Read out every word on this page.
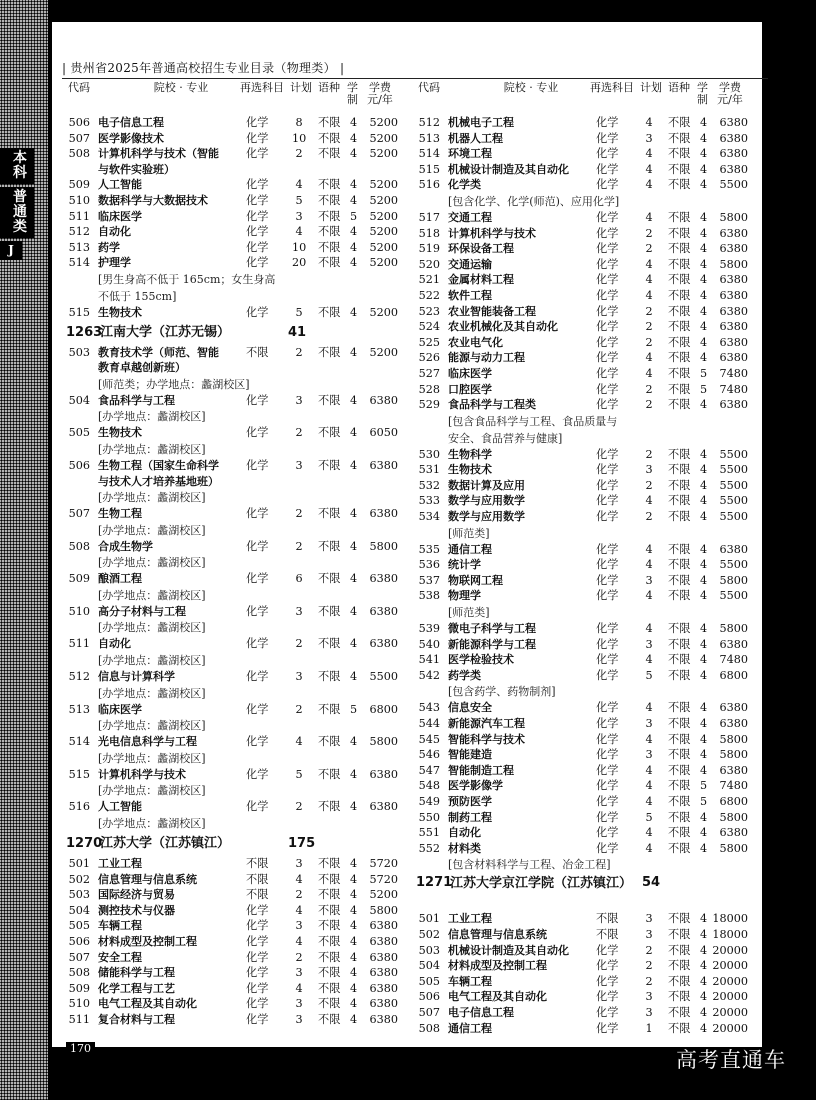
本科
普通类
J
| 贵州省2025年普通高校招生专业目录（物理类） |
代码	院校 · 专业	再选科目 计划 语种 学制
学费元/年
代码	院校 · 专业	再选科目 计划 语种 学制
学费元/年
506 电子信息工程	化学	8	不限 4	5200
507 医学影像技术	化学 10 不限 4	5200
508 计算机科学与技术（智能 化学	2	不限 4	5200
与软件实验班）
509 人工智能	化学	4	不限 4	5200
510 数据科学与大数据技术	化学	5	不限 4	5200
511 临床医学	化学	3	不限 5	5200
512 自动化	化学	4	不限 4	5200
513 药学	化学 10 不限 4	5200
514 护理学	化学 20 不限 4	5200
[男生身高不低于 165cm；女生身高
不低于 155cm]
515 生物技术	化学	5	不限 4	5200
1263
江南大学（江苏无锡）	41
503 教育技术学（师范、智能 不限	2	不限 4	5200
教育卓越创新班）
[师范类；办学地点：蠡湖校区]
504 食品科学与工程	化学	3	不限 4	6380
[办学地点：蠡湖校区]
505 生物技术	化学	2	不限 4	6050
[办学地点：蠡湖校区]
506 生物工程（国家生命科学 化学	3	不限 4	6380
与技术人才培养基地班）
[办学地点：蠡湖校区]
507 生物工程	化学	2	不限 4	6380
[办学地点：蠡湖校区]
508 合成生物学	化学	2	不限 4	5800
[办学地点：蠡湖校区]
509 酿酒工程	化学	6	不限 4	6380
[办学地点：蠡湖校区]
510 高分子材料与工程	化学	3	不限 4	6380
[办学地点：蠡湖校区]
511 自动化	化学	2	不限 4	6380
[办学地点：蠡湖校区]
512 信息与计算科学	化学	3	不限 4	5500
[办学地点：蠡湖校区]
513 临床医学	化学	2	不限 5	6800
[办学地点：蠡湖校区]
514 光电信息科学与工程	化学	4	不限 4	5800
[办学地点：蠡湖校区]
515 计算机科学与技术	化学	5	不限 4	6380
[办学地点：蠡湖校区]
516 人工智能	化学	2	不限 4	6380
[办学地点：蠡湖校区]
1270
江苏大学（江苏镇江）	175
501 工业工程	不限	3	不限 4	5720
502 信息管理与信息系统	不限	4	不限 4	5720
503 国际经济与贸易	不限	2	不限 4	5200
504 测控技术与仪器	化学	4	不限 4	5800
505 车辆工程	化学	3	不限 4	6380
506 材料成型及控制工程	化学	4	不限 4	6380
507 安全工程	化学	2	不限 4	6380
508 储能科学与工程	化学	3	不限 4	6380
509 化学工程与工艺	化学	4	不限 4	6380
510 电气工程及其自动化	化学	3	不限 4	6380
511 复合材料与工程	化学	3	不限 4	6380
512 机械电子工程	化学	4	不限 4	6380
513 机器人工程	化学	3	不限 4	6380
514 环境工程	化学	4	不限 4	6380
515 机械设计制造及其自动化 化学	4	不限 4	6380
516 化学类	化学	4	不限 4	5500
[包含化学、化学(师范)、应用化学]
517 交通工程	化学	4	不限 4	5800
518 计算机科学与技术	化学	2	不限 4	6380
519 环保设备工程	化学	2	不限 4	6380
520 交通运输	化学	4	不限 4	5800
521 金属材料工程	化学	4	不限 4	6380
522 软件工程	化学	4	不限 4	6380
523 农业智能装备工程	化学	2	不限 4	6380
524 农业机械化及其自动化	化学	2	不限 4	6380
525 农业电气化	化学	2	不限 4	6380
526 能源与动力工程	化学	4	不限 4	6380
527 临床医学	化学	4	不限 5	7480
528 口腔医学	化学	2	不限 5	7480
529 食品科学与工程类	化学	2	不限 4	6380
[包含食品科学与工程、食品质量与
安全、食品营养与健康]
530 生物科学	化学	2	不限 4	5500
531 生物技术	化学	3	不限 4	5500
532 数据计算及应用	化学	2	不限 4	5500
533 数学与应用数学	化学	4	不限 4	5500
534 数学与应用数学	化学	2	不限 4	5500
[师范类]
535 通信工程	化学	4	不限 4	6380
536 统计学	化学	4	不限 4	5500
537 物联网工程	化学	3	不限 4	5800
538 物理学	化学	4	不限 4	5500
[师范类]
539 微电子科学与工程	化学	4	不限 4	5800
540 新能源科学与工程	化学	3	不限 4	6380
541 医学检验技术	化学	4	不限 4	7480
542 药学类	化学	5	不限 4	6800
[包含药学、药物制剂]
543 信息安全	化学	4	不限 4	6380
544 新能源汽车工程	化学	3	不限 4	6380
545 智能科学与技术	化学	4	不限 4	5800
546 智能建造	化学	3	不限 4	5800
547 智能制造工程	化学	4	不限 4	6380
548 医学影像学	化学	4	不限 5	7480
549 预防医学	化学	4	不限 5	6800
550 制药工程	化学	5	不限 4	5800
551 自动化	化学	4	不限 4	6380
552 材料类	化学	4	不限 4	5800
[包含材料科学与工程、冶金工程]
1271
江苏大学京江学院（江苏镇江） 54
501 工业工程	不限	3	不限 4 18000
502 信息管理与信息系统	不限	3	不限 4 18000
503 机械设计制造及其自动化 化学	2	不限 4 20000
504 材料成型及控制工程	化学	2	不限 4 20000
505 车辆工程	化学	2	不限 4 20000
506 电气工程及其自动化	化学	3	不限 4 20000
507 电子信息工程	化学	3	不限 4 20000
508 通信工程	化学	1	不限 4 20000
170	高考直通车
